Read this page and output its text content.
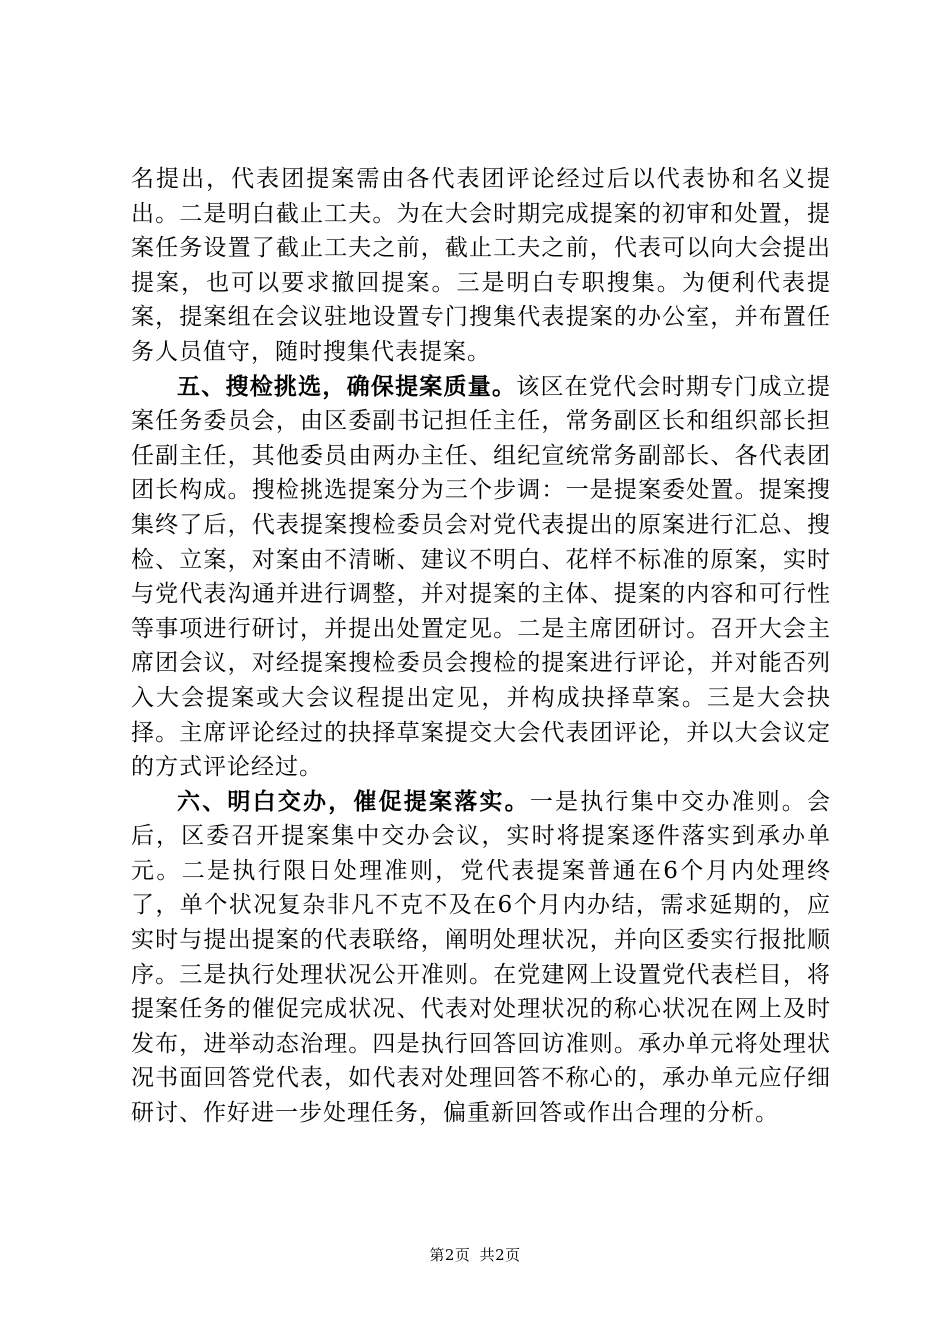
名提出，代表团提案需由各代表团评论经过后以代表协和名义提出。二是明白截止工夫。为在大会时期完成提案的初审和处置，提案任务设置了截止工夫之前，截止工夫之前，代表可以向大会提出提案，也可以要求撤回提案。三是明白专职搜集。为便利代表提案，提案组在会议驻地设置专门搜集代表提案的办公室，并布置任务人员值守，随时搜集代表提案。

五、搜检挑选，确保提案质量。该区在党代会时期专门成立提案任务委员会，由区委副书记担任主任，常务副区长和组织部长担任副主任，其他委员由两办主任、组纪宣统常务副部长、各代表团团长构成。搜检挑选提案分为三个步调：一是提案委处置。提案搜集终了后，代表提案搜检委员会对党代表提出的原案进行汇总、搜检、立案，对案由不清晰、建议不明白、花样不标准的原案，实时与党代表沟通并进行调整，并对提案的主体、提案的内容和可行性等事项进行研讨，并提出处置定见。二是主席团研讨。召开大会主席团会议，对经提案搜检委员会搜检的提案进行评论，并对能否列入大会提案或大会议程提出定见，并构成抉择草案。三是大会抉择。主席评论经过的抉择草案提交大会代表团评论，并以大会议定的方式评论经过。

六、明白交办，催促提案落实。一是执行集中交办准则。会后，区委召开提案集中交办会议，实时将提案逐件落实到承办单元。二是执行限日处理准则，党代表提案普通在6个月内处理终了，单个状况复杂非凡不克不及在6个月内办结，需求延期的，应实时与提出提案的代表联络，阐明处理状况，并向区委实行报批顺序。三是执行处理状况公开准则。在党建网上设置党代表栏目，将提案任务的催促完成状况、代表对处理状况的称心状况在网上及时发布，进举动态治理。四是执行回答回访准则。承办单元将处理状况书面回答党代表，如代表对处理回答不称心的，承办单元应仔细研讨、作好进一步处理任务，偏重新回答或作出合理的分析。

第2页 共2页
